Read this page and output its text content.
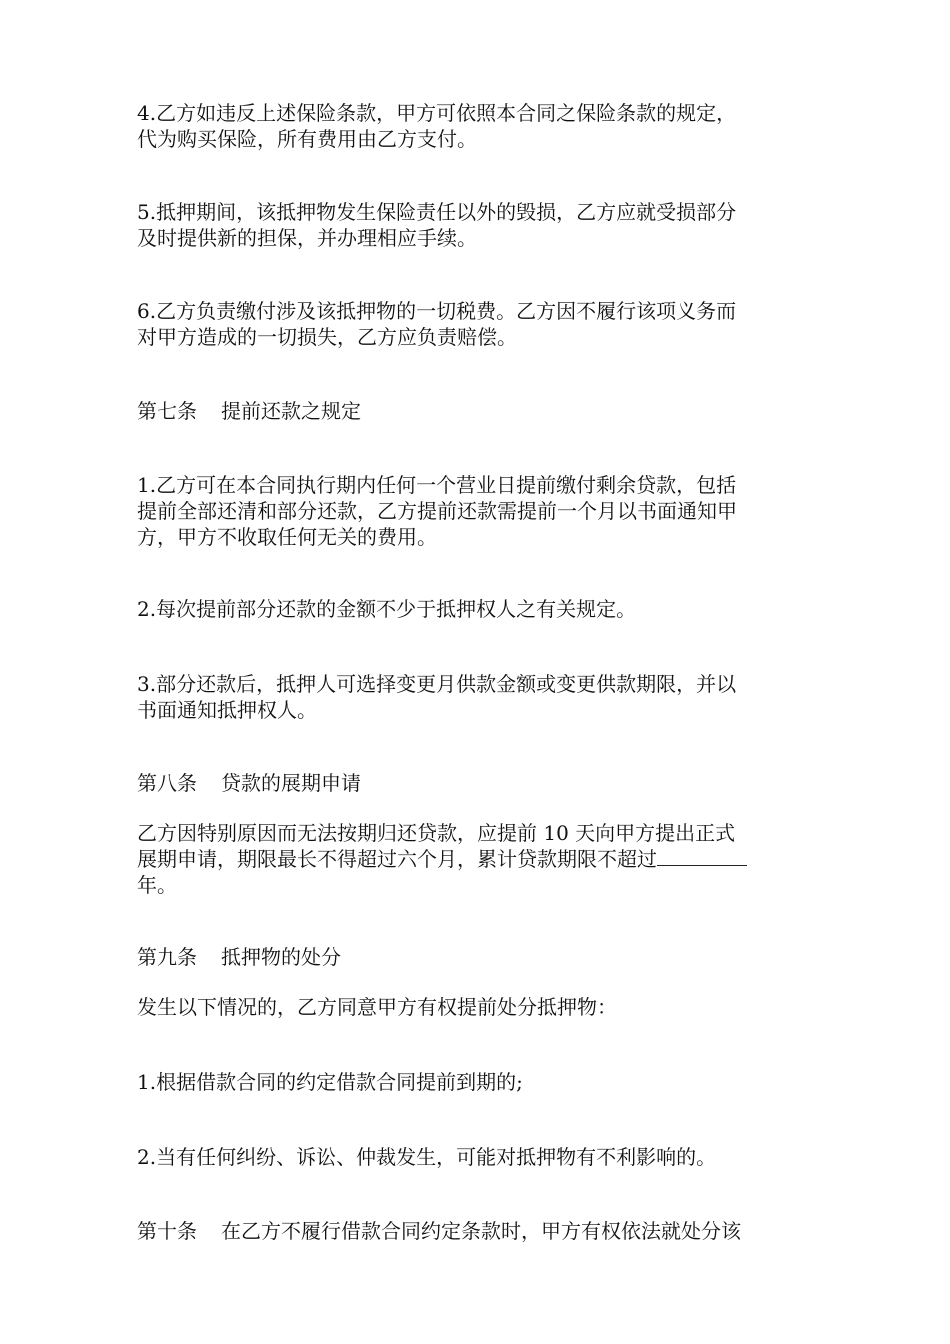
4.乙方如违反上述保险条款，甲方可依照本合同之保险条款的规定，
代为购买保险，所有费用由乙方支付。
5.抵押期间，该抵押物发生保险责任以外的毁损，乙方应就受损部分
及时提供新的担保，并办理相应手续。
6.乙方负责缴付涉及该抵押物的一切税费。乙方因不履行该项义务而
对甲方造成的一切损失，乙方应负责赔偿。
第七条 提前还款之规定
1.乙方可在本合同执行期内任何一个营业日提前缴付剩余贷款，包括
提前全部还清和部分还款，乙方提前还款需提前一个月以书面通知甲
方，甲方不收取任何无关的费用。
2.每次提前部分还款的金额不少于抵押权人之有关规定。
3.部分还款后，抵押人可选择变更月供款金额或变更供款期限，并以
书面通知抵押权人。
第八条 贷款的展期申请
乙方因特别原因而无法按期归还贷款，应提前 10 天向甲方提出正式
展期申请，期限最长不得超过六个月，累计贷款期限不超过
年。
第九条 抵押物的处分
发生以下情况的，乙方同意甲方有权提前处分抵押物：
1.根据借款合同的约定借款合同提前到期的;
2.当有任何纠纷、诉讼、仲裁发生，可能对抵押物有不利影响的。
第十条 在乙方不履行借款合同约定条款时，甲方有权依法就处分该
